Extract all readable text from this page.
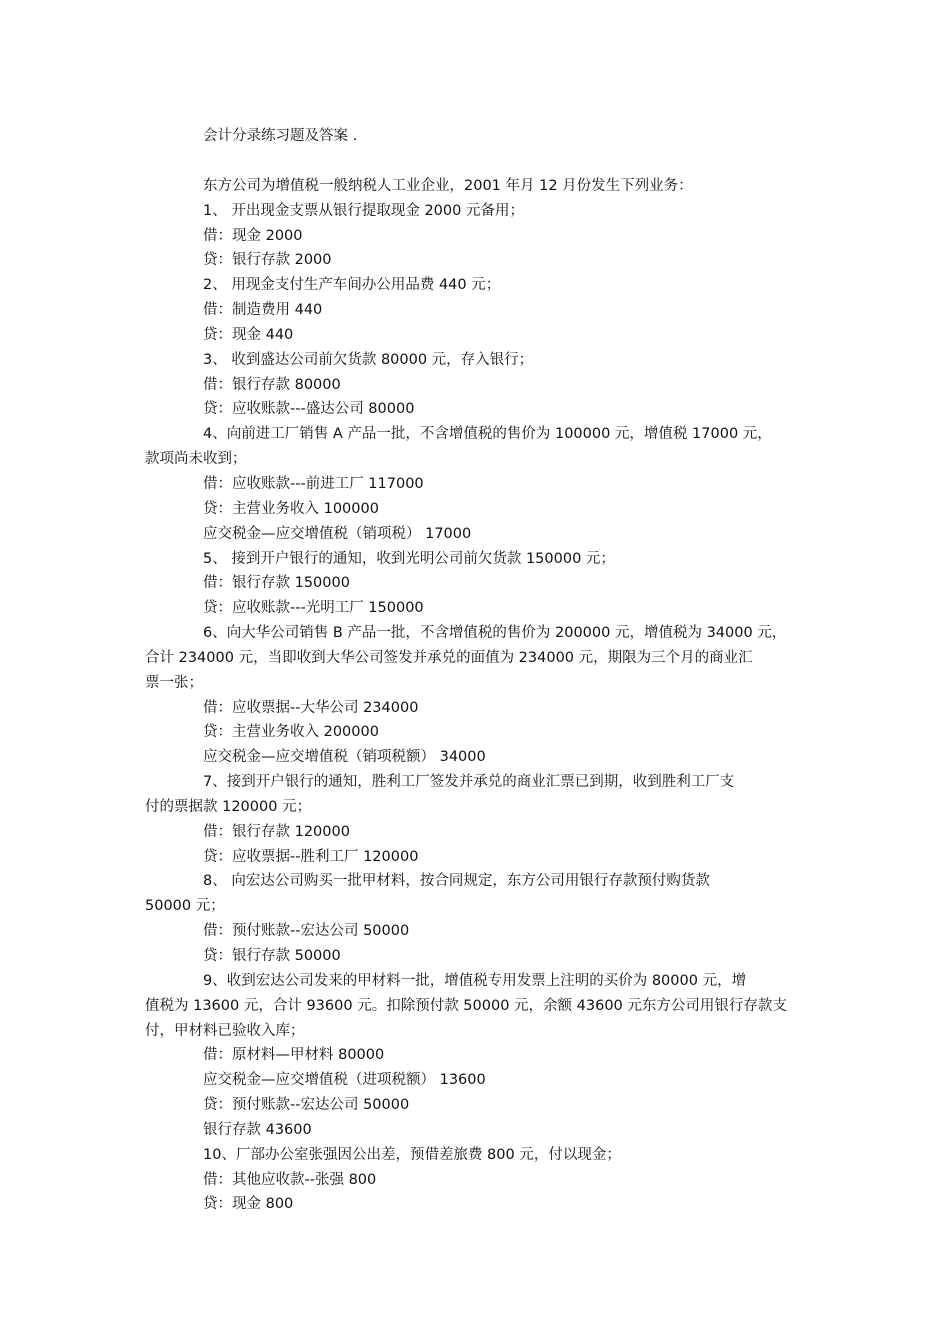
会计分录练习题及答案 .
东方公司为增值税一般纳税人工业企业，2001 年月 12 月份发生下列业务：
1、 开出现金支票从银行提取现金 2000 元备用；
借：现金 2000
贷：银行存款 2000
2、 用现金支付生产车间办公用品费 440 元；
借：制造费用 440
贷：现金 440
3、 收到盛达公司前欠货款 80000 元，存入银行；
借：银行存款 80000
贷：应收账款---盛达公司 80000
4、向前进工厂销售 A 产品一批，不含增值税的售价为 100000 元，增值税 17000 元，
款项尚未收到；
借：应收账款---前进工厂 117000
贷：主营业务收入 100000
应交税金—应交增值税（销项税） 17000
5、 接到开户银行的通知，收到光明公司前欠货款 150000 元；
借：银行存款 150000
贷：应收账款---光明工厂 150000
6、向大华公司销售 B 产品一批，不含增值税的售价为 200000 元，增值税为 34000 元，
合计 234000 元，当即收到大华公司签发并承兑的面值为 234000 元，期限为三个月的商业汇
票一张；
借：应收票据--大华公司 234000
贷：主营业务收入 200000
应交税金—应交增值税（销项税额） 34000
7、接到开户银行的通知，胜利工厂签发并承兑的商业汇票已到期，收到胜利工厂支
付的票据款 120000 元；
借：银行存款 120000
贷：应收票据--胜利工厂 120000
8、 向宏达公司购买一批甲材料，按合同规定，东方公司用银行存款预付购货款
50000 元；
借：预付账款--宏达公司 50000
贷：银行存款 50000
9、收到宏达公司发来的甲材料一批，增值税专用发票上注明的买价为 80000 元，增
值税为 13600 元，合计 93600 元。扣除预付款 50000 元，余额 43600 元东方公司用银行存款支
付，甲材料已验收入库；
借：原材料—甲材料 80000
应交税金—应交增值税（进项税额） 13600
贷：预付账款--宏达公司 50000
银行存款 43600
10、厂部办公室张强因公出差，预借差旅费 800 元，付以现金；
借：其他应收款--张强 800
贷：现金 800
